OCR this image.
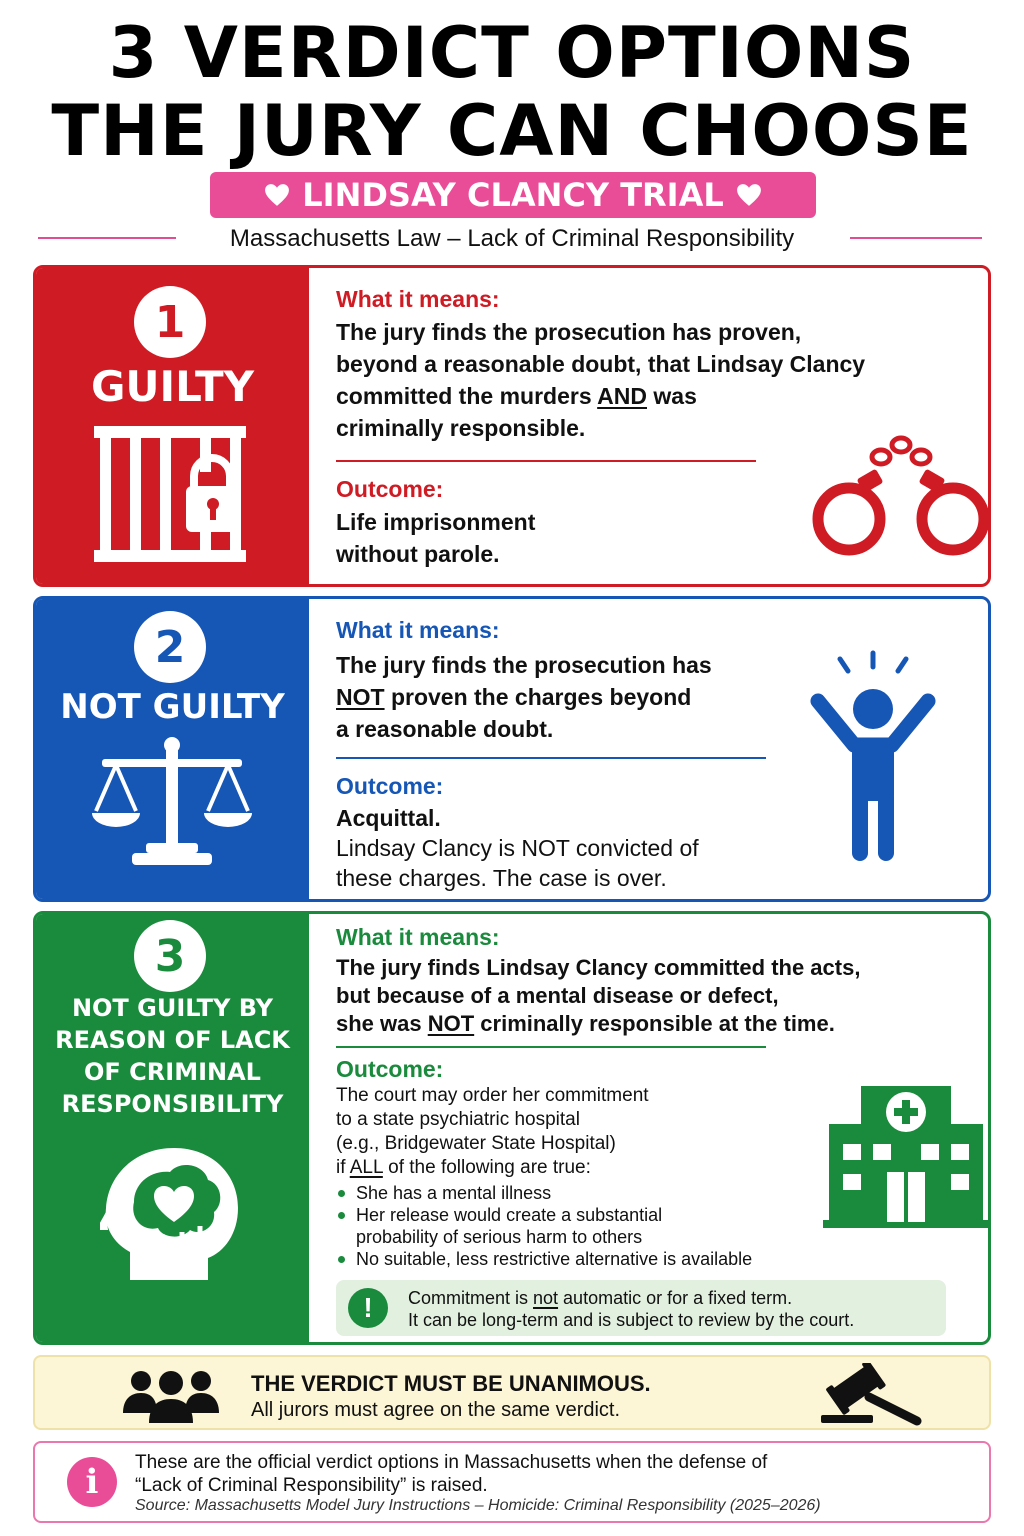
3 VERDICT OPTIONS
THE JURY CAN CHOOSE
LINDSAY CLANCY TRIAL
Massachusetts Law – Lack of Criminal Responsibility
1
GUILTY
What it means:
The jury finds the prosecution has proven,
beyond a reasonable doubt, that Lindsay Clancy
committed the murders AND was
criminally responsible.
Outcome:
Life imprisonment
without parole.
2
NOT GUILTY
What it means:
The jury finds the prosecution has
NOT proven the charges beyond
a reasonable doubt.
Outcome:
Acquittal.
Lindsay Clancy is NOT convicted of
these charges. The case is over.
3
NOT GUILTY BY
REASON OF LACK
OF CRIMINAL
RESPONSIBILITY
What it means:
The jury finds Lindsay Clancy committed the acts,
but because of a mental disease or defect,
she was NOT criminally responsible at the time.
Outcome:
The court may order her commitment
to a state psychiatric hospital
(e.g., Bridgewater State Hospital)
if ALL of the following are true:
She has a mental illness
Her release would create a substantial
probability of serious harm to others
No suitable, less restrictive alternative is available
!	Commitment is not automatic or for a fixed term.
It can be long-term and is subject to review by the court.
THE VERDICT MUST BE UNANIMOUS.
All jurors must agree on the same verdict.
i	These are the official verdict options in Massachusetts when the defense of
“Lack of Criminal Responsibility” is raised.
Source: Massachusetts Model Jury Instructions – Homicide: Criminal Responsibility (2025–2026)
